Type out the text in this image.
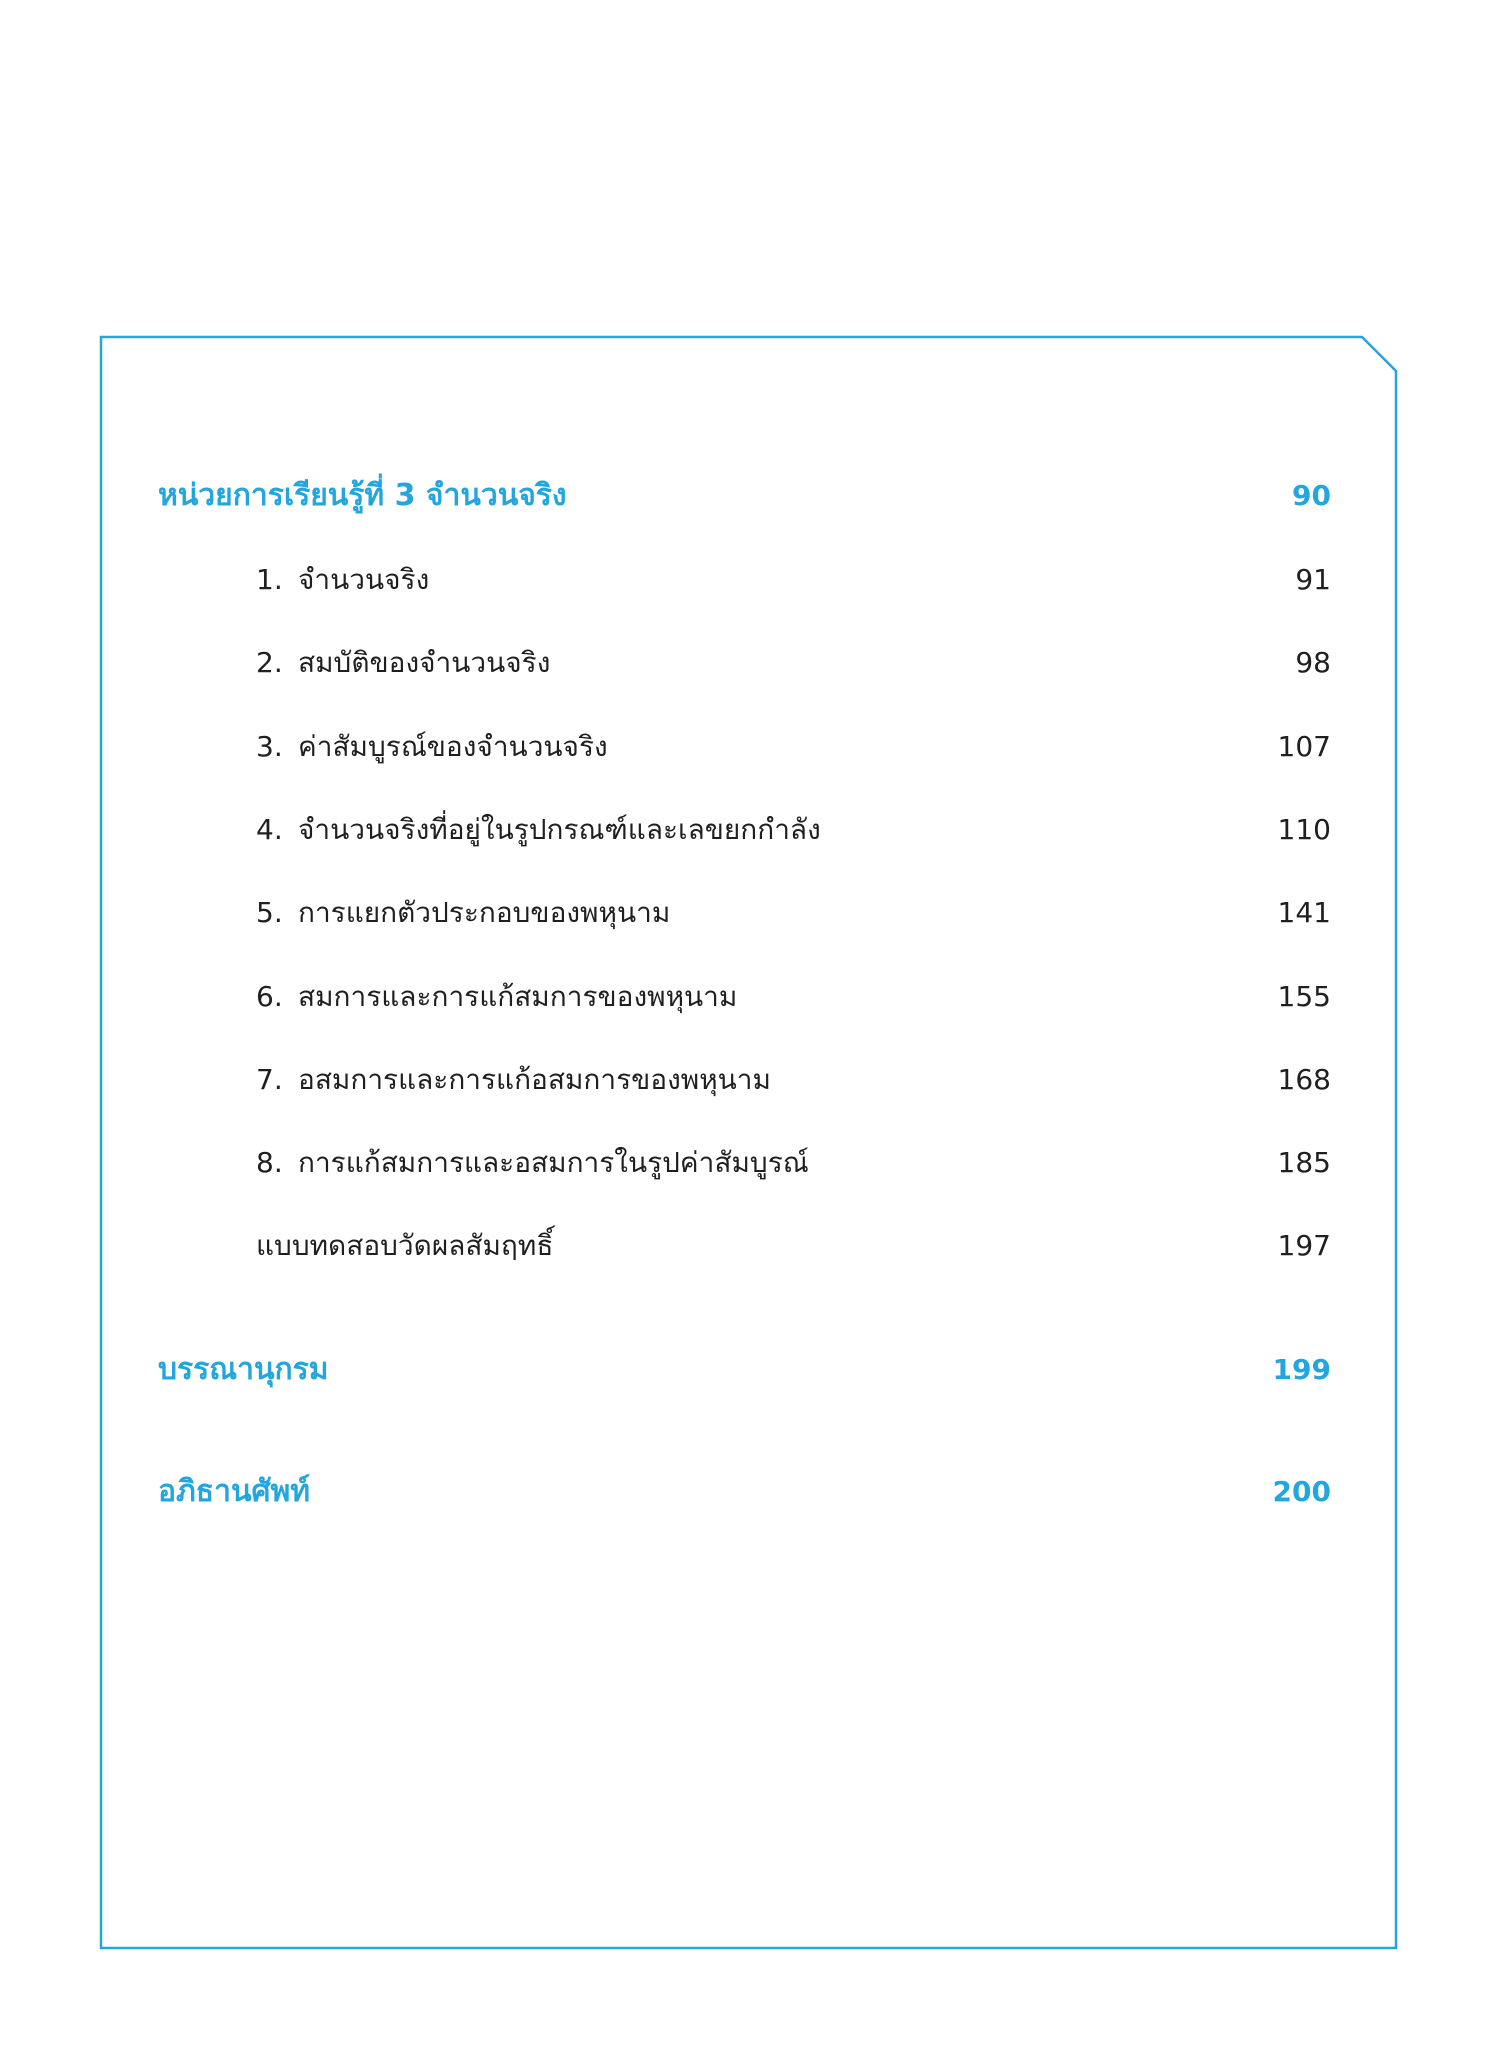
หน่วยการเรียนรู้ที่ 3 จำนวนจริง	90
1. จำนวนจริง	91
2. สมบัติของจำนวนจริง	98
3. ค่าสัมบูรณ์ของจำนวนจริง	107
4. จำนวนจริงที่อยู่ในรูปกรณฑ์และเลขยกกำลัง	110
5. การแยกตัวประกอบของพหุนาม	141
6. สมการและการแก้สมการของพหุนาม	155
7. อสมการและการแก้อสมการของพหุนาม	168
8. การแก้สมการและอสมการในรูปค่าสัมบูรณ์	185
แบบทดสอบวัดผลสัมฤทธิ์	197
บรรณานุกรม	199
อภิธานศัพท์	200
